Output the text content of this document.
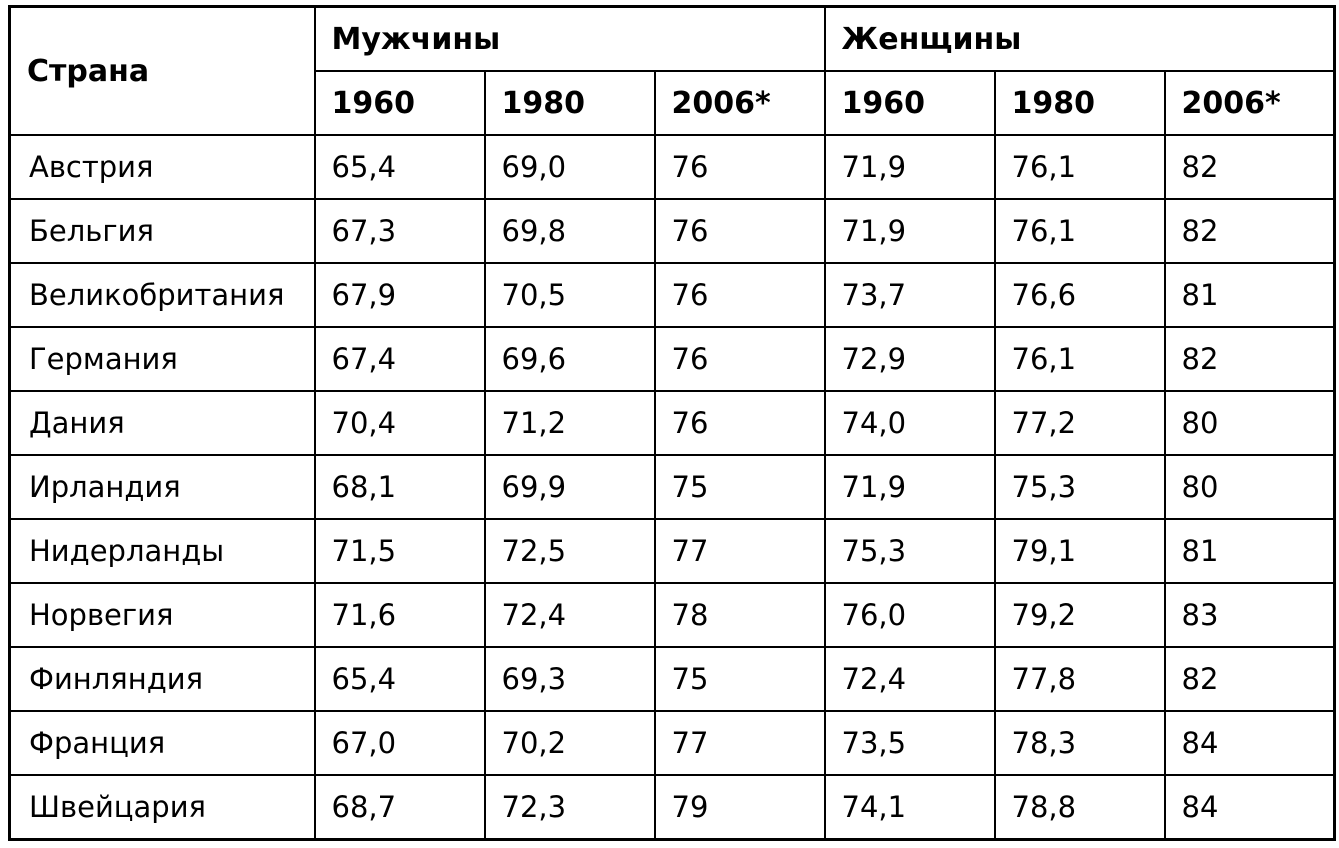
Страна	Мужчины			Женщины		
	1960	1980	2006*	1960	1980	2006*
Австрия	65,4	69,0	76	71,9	76,1	82
Бельгия	67,3	69,8	76	71,9	76,1	82
Великобритания	67,9	70,5	76	73,7	76,6	81
Германия	67,4	69,6	76	72,9	76,1	82
Дания	70,4	71,2	76	74,0	77,2	80
Ирландия	68,1	69,9	75	71,9	75,3	80
Нидерланды	71,5	72,5	77	75,3	79,1	81
Норвегия	71,6	72,4	78	76,0	79,2	83
Финляндия	65,4	69,3	75	72,4	77,8	82
Франция	67,0	70,2	77	73,5	78,3	84
Швейцария	68,7	72,3	79	74,1	78,8	84
